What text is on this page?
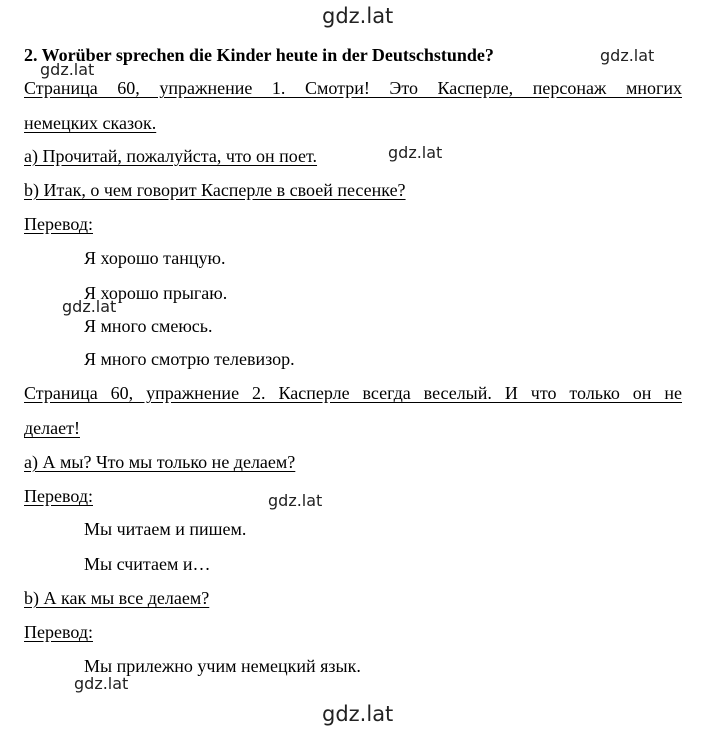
gdz.lat
2. Worüber sprechen die Kinder heute in der Deutschstunde?	gdz.lat
gdz.lat
Страница 60, упражнение 1. Смотри! Это Касперле, персонаж многих
немецких сказок.
a) Прочитай, пожалуйста, что он поет.	gdz.lat
b) Итак, о чем говорит Касперле в своей песенке?
Перевод:
Я хорошо танцую.
Я хорошо прыгаю.
gdz.lat
Я много смеюсь.
Я много смотрю телевизор.
Страница 60, упражнение 2. Касперле всегда веселый. И что только он не
делает!
a) А мы? Что мы только не делаем?
Перевод:	gdz.lat
Мы читаем и пишем.
Мы считаем и…
b) А как мы все делаем?
Перевод:
Мы прилежно учим немецкий язык.
gdz.lat
gdz.lat
